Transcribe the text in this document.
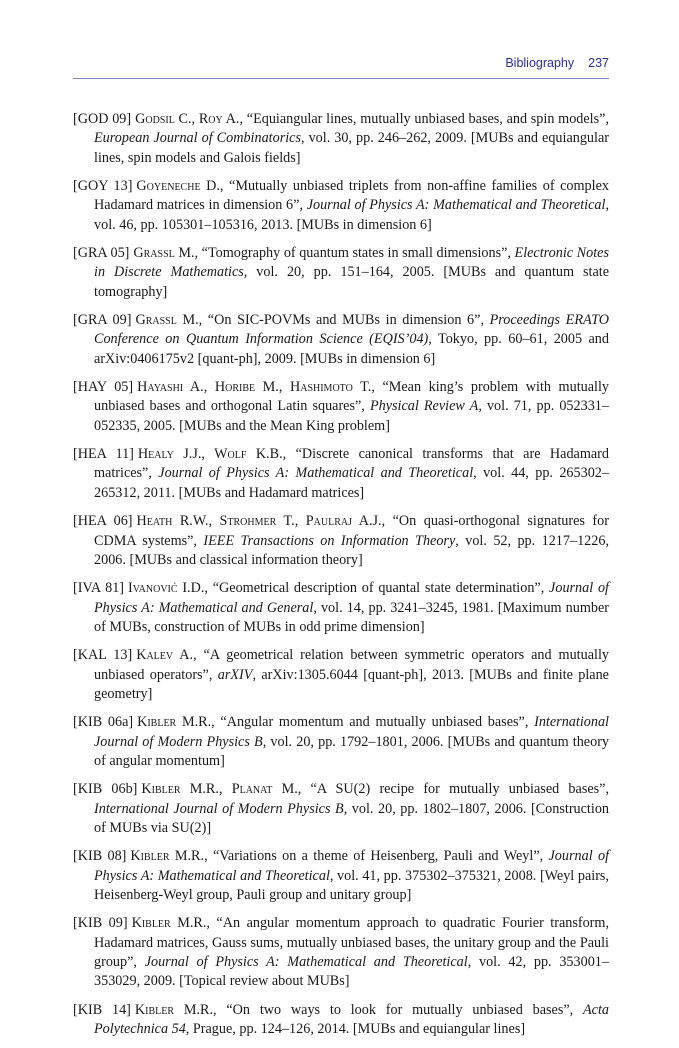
Bibliography 237

[GOD 09] Godsil C., Roy A., “Equiangular lines, mutually unbiased bases, and spin models”, European Journal of Combinatorics, vol. 30, pp. 246–262, 2009. [MUBs and equiangular lines, spin models and Galois fields]

[GOY 13] Goyeneche D., “Mutually unbiased triplets from non-affine families of complex Hadamard matrices in dimension 6”, Journal of Physics A: Mathematical and Theoretical, vol. 46, pp. 105301–105316, 2013. [MUBs in dimension 6]

[GRA 05] Grassl M., “Tomography of quantum states in small dimensions”, Electronic Notes in Discrete Mathematics, vol. 20, pp. 151–164, 2005. [MUBs and quantum state tomography]

[GRA 09] Grassl M., “On SIC-POVMs and MUBs in dimension 6”, Proceedings ERATO Conference on Quantum Information Science (EQIS’04), Tokyo, pp. 60–61, 2005 and arXiv:0406175v2 [quant-ph], 2009. [MUBs in dimension 6]

[HAY 05] Hayashi A., Horibe M., Hashimoto T., “Mean king’s problem with mutually unbiased bases and orthogonal Latin squares”, Physical Review A, vol. 71, pp. 052331–052335, 2005. [MUBs and the Mean King problem]

[HEA 11] Healy J.J., Wolf K.B., “Discrete canonical transforms that are Hadamard matrices”, Journal of Physics A: Mathematical and Theoretical, vol. 44, pp. 265302–265312, 2011. [MUBs and Hadamard matrices]

[HEA 06] Heath R.W., Strohmer T., Paulraj A.J., “On quasi-orthogonal signatures for CDMA systems”, IEEE Transactions on Information Theory, vol. 52, pp. 1217–1226, 2006. [MUBs and classical information theory]

[IVA 81] Ivanović I.D., “Geometrical description of quantal state determination”, Journal of Physics A: Mathematical and General, vol. 14, pp. 3241–3245, 1981. [Maximum number of MUBs, construction of MUBs in odd prime dimension]

[KAL 13] Kalev A., “A geometrical relation between symmetric operators and mutually unbiased operators”, arXIV, arXiv:1305.6044 [quant-ph], 2013. [MUBs and finite plane geometry]

[KIB 06a] Kibler M.R., “Angular momentum and mutually unbiased bases”, International Journal of Modern Physics B, vol. 20, pp. 1792–1801, 2006. [MUBs and quantum theory of angular momentum]

[KIB 06b] Kibler M.R., Planat M., “A SU(2) recipe for mutually unbiased bases”, International Journal of Modern Physics B, vol. 20, pp. 1802–1807, 2006. [Construction of MUBs via SU(2)]

[KIB 08] Kibler M.R., “Variations on a theme of Heisenberg, Pauli and Weyl”, Journal of Physics A: Mathematical and Theoretical, vol. 41, pp. 375302–375321, 2008. [Weyl pairs, Heisenberg-Weyl group, Pauli group and unitary group]

[KIB 09] Kibler M.R., “An angular momentum approach to quadratic Fourier transform, Hadamard matrices, Gauss sums, mutually unbiased bases, the unitary group and the Pauli group”, Journal of Physics A: Mathematical and Theoretical, vol. 42, pp. 353001–353029, 2009. [Topical review about MUBs]

[KIB 14] Kibler M.R., “On two ways to look for mutually unbiased bases”, Acta Polytechnica 54, Prague, pp. 124–126, 2014. [MUBs and equiangular lines]
